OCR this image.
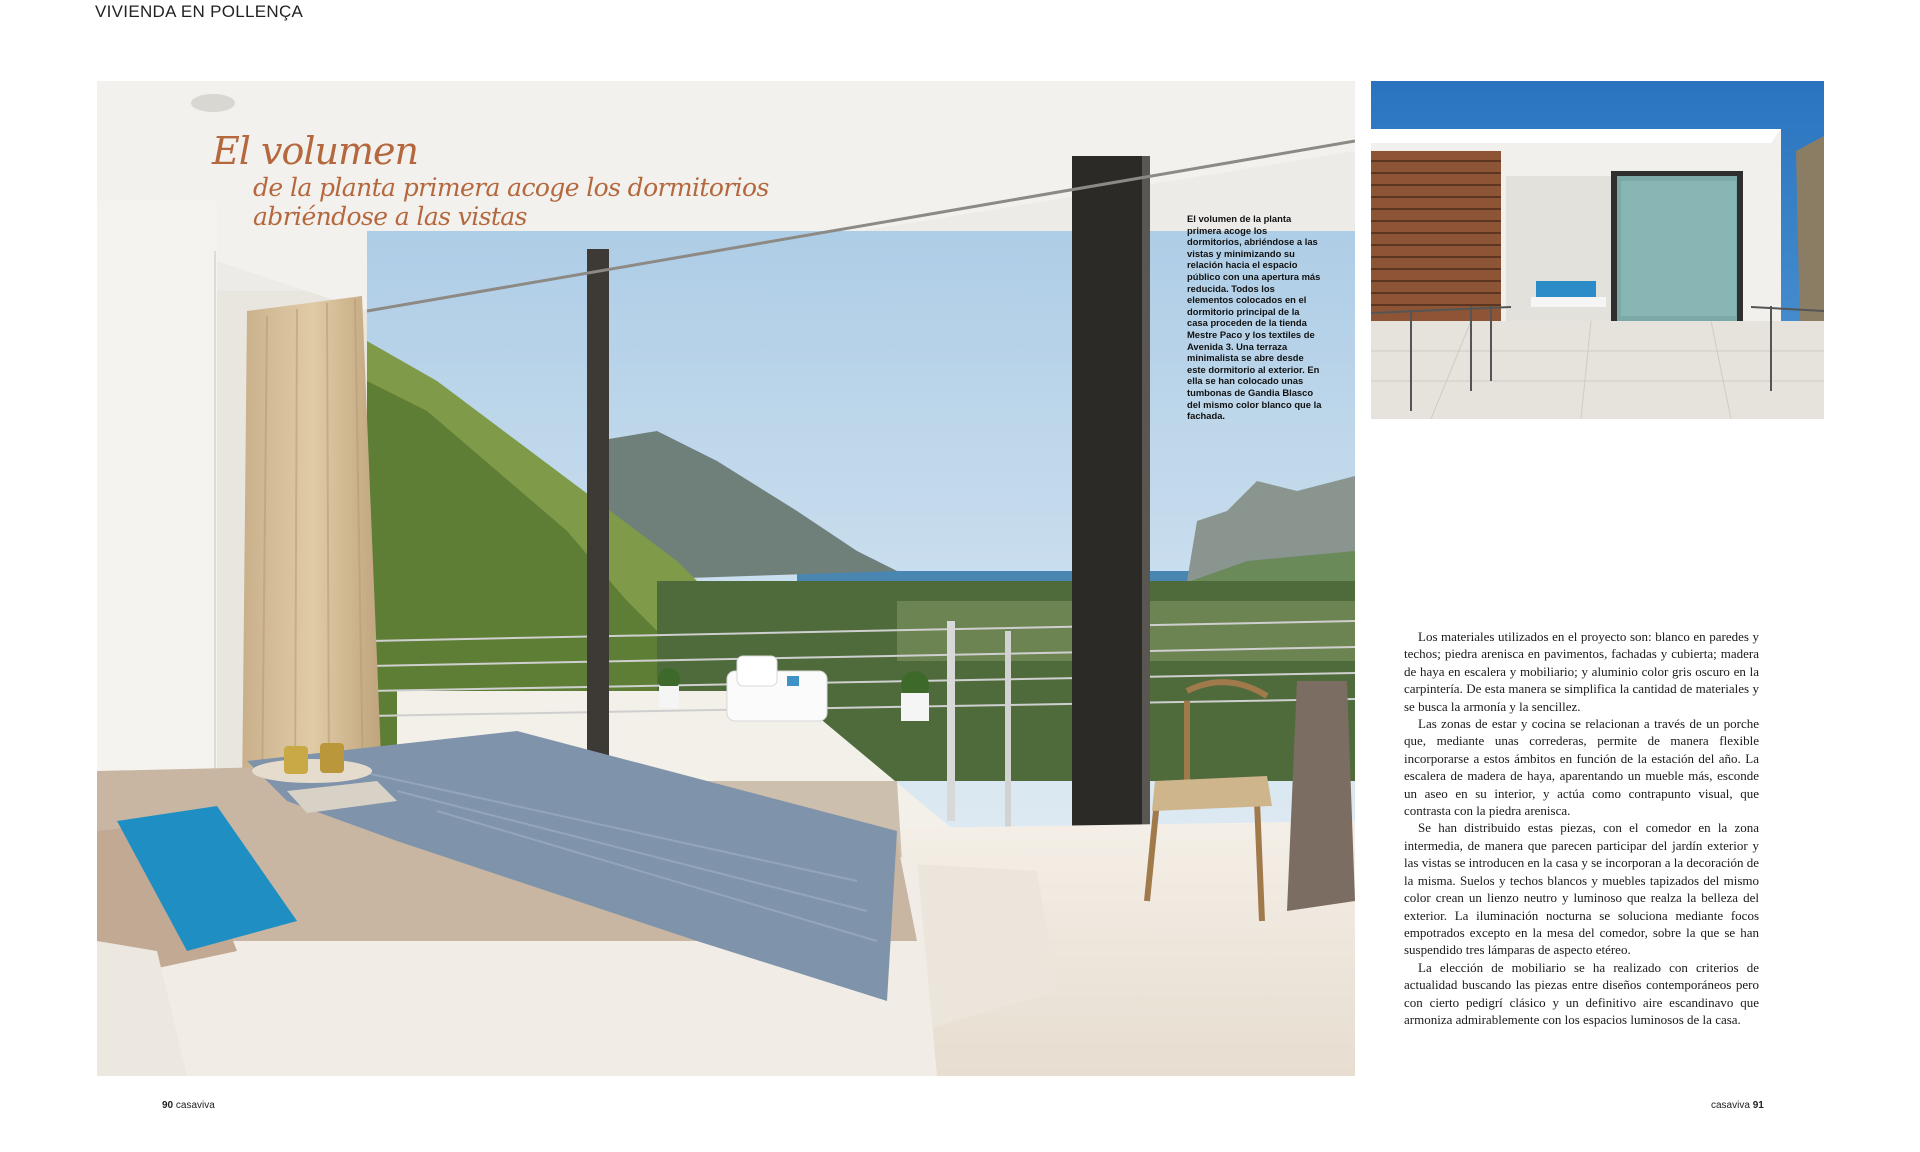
VIVIENDA EN POLLENÇA
El volumen
de la planta primera acoge los dormitorios
abriéndose a las vistas	El volumen de la planta primera acoge los dormitorios, abriéndose a las vistas y minimizando su relación hacia el espacio público con una apertura más reducida. Todos los elementos colocados en el dormitorio principal de la casa proceden de la tienda Mestre Paco y los textiles de Avenida 3. Una terraza minimalista se abre desde este dormitorio al exterior. En ella se han colocado unas tumbonas de Gandia Blasco del mismo color blanco que la fachada.

Los materiales utilizados en el proyecto son: blanco en paredes y techos; piedra arenisca en pavimentos, fachadas y cubierta; madera de haya en escalera y mobiliario; y aluminio color gris oscuro en la carpintería. De esta manera se simplifica la cantidad de materiales y se busca la armonía y la sencillez.

Las zonas de estar y cocina se relacionan a través de un porche que, mediante unas correderas, permite de manera flexible incorporarse a estos ámbitos en función de la estación del año. La escalera de madera de haya, aparentando un mueble más, esconde un aseo en su interior, y actúa como contrapunto visual, que contrasta con la piedra arenisca.

Se han distribuido estas piezas, con el comedor en la zona intermedia, de manera que parecen participar del jardín exterior y las vistas se introducen en la casa y se incorporan a la decoración de la misma. Suelos y techos blancos y muebles tapizados del mismo color crean un lienzo neutro y luminoso que realza la belleza del exterior. La iluminación nocturna se soluciona mediante focos empotrados excepto en la mesa del comedor, sobre la que se han suspendido tres lámparas de aspecto etéreo.

La elección de mobiliario se ha realizado con criterios de actualidad buscando las piezas entre diseños contemporáneos pero con cierto pedigrí clásico y un definitivo aire escandinavo que armoniza admirablemente con los espacios luminosos de la casa.

90 casaviva	casaviva 91
